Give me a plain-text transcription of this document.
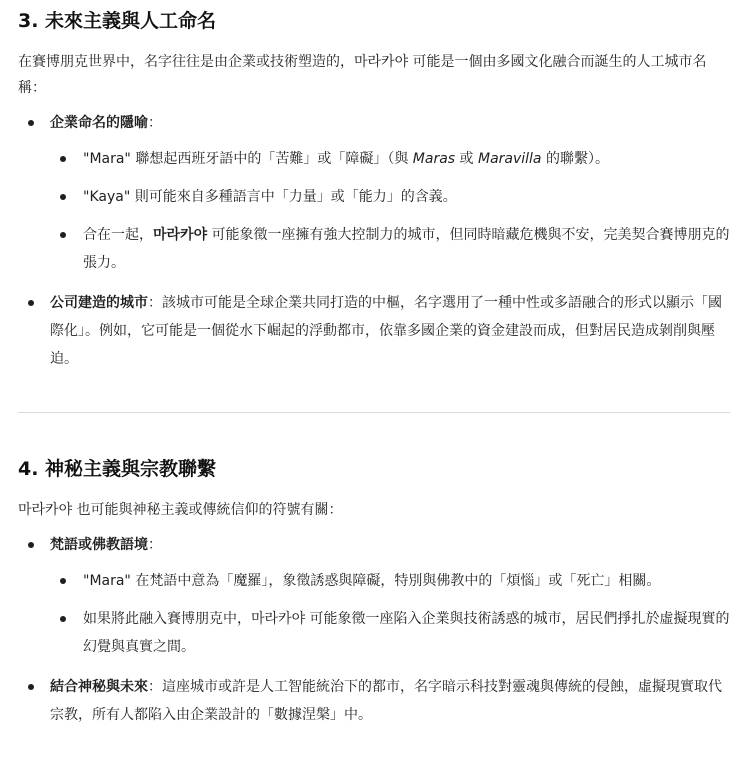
3. 未來主義與人工命名

在賽博朋克世界中，名字往往是由企業或技術塑造的，마라카야 可能是一個由多國文化融合而誕生的人工城市名稱：

企業命名的隱喻：
"Mara" 聯想起西班牙語中的「苦難」或「障礙」（與 Maras 或 Maravilla 的聯繫）。
"Kaya" 則可能來自多種語言中「力量」或「能力」的含義。
合在一起，마라카야 可能象徵一座擁有強大控制力的城市，但同時暗藏危機與不安，完美契合賽博朋克的張力。
公司建造的城市：該城市可能是全球企業共同打造的中樞，名字選用了一種中性或多語融合的形式以顯示「國際化」。例如，它可能是一個從水下崛起的浮動都市，依靠多國企業的資金建設而成，但對居民造成剝削與壓迫。
4. 神秘主義與宗教聯繫

마라카야 也可能與神秘主義或傳統信仰的符號有關：

梵語或佛教語境：
"Mara" 在梵語中意為「魔羅」，象徵誘惑與障礙，特別與佛教中的「煩惱」或「死亡」相關。
如果將此融入賽博朋克中，마라카야 可能象徵一座陷入企業與技術誘惑的城市，居民們掙扎於虛擬現實的幻覺與真實之間。
結合神秘與未來：這座城市或許是人工智能統治下的都市，名字暗示科技對靈魂與傳統的侵蝕，虛擬現實取代宗教，所有人都陷入由企業設計的「數據涅槃」中。
